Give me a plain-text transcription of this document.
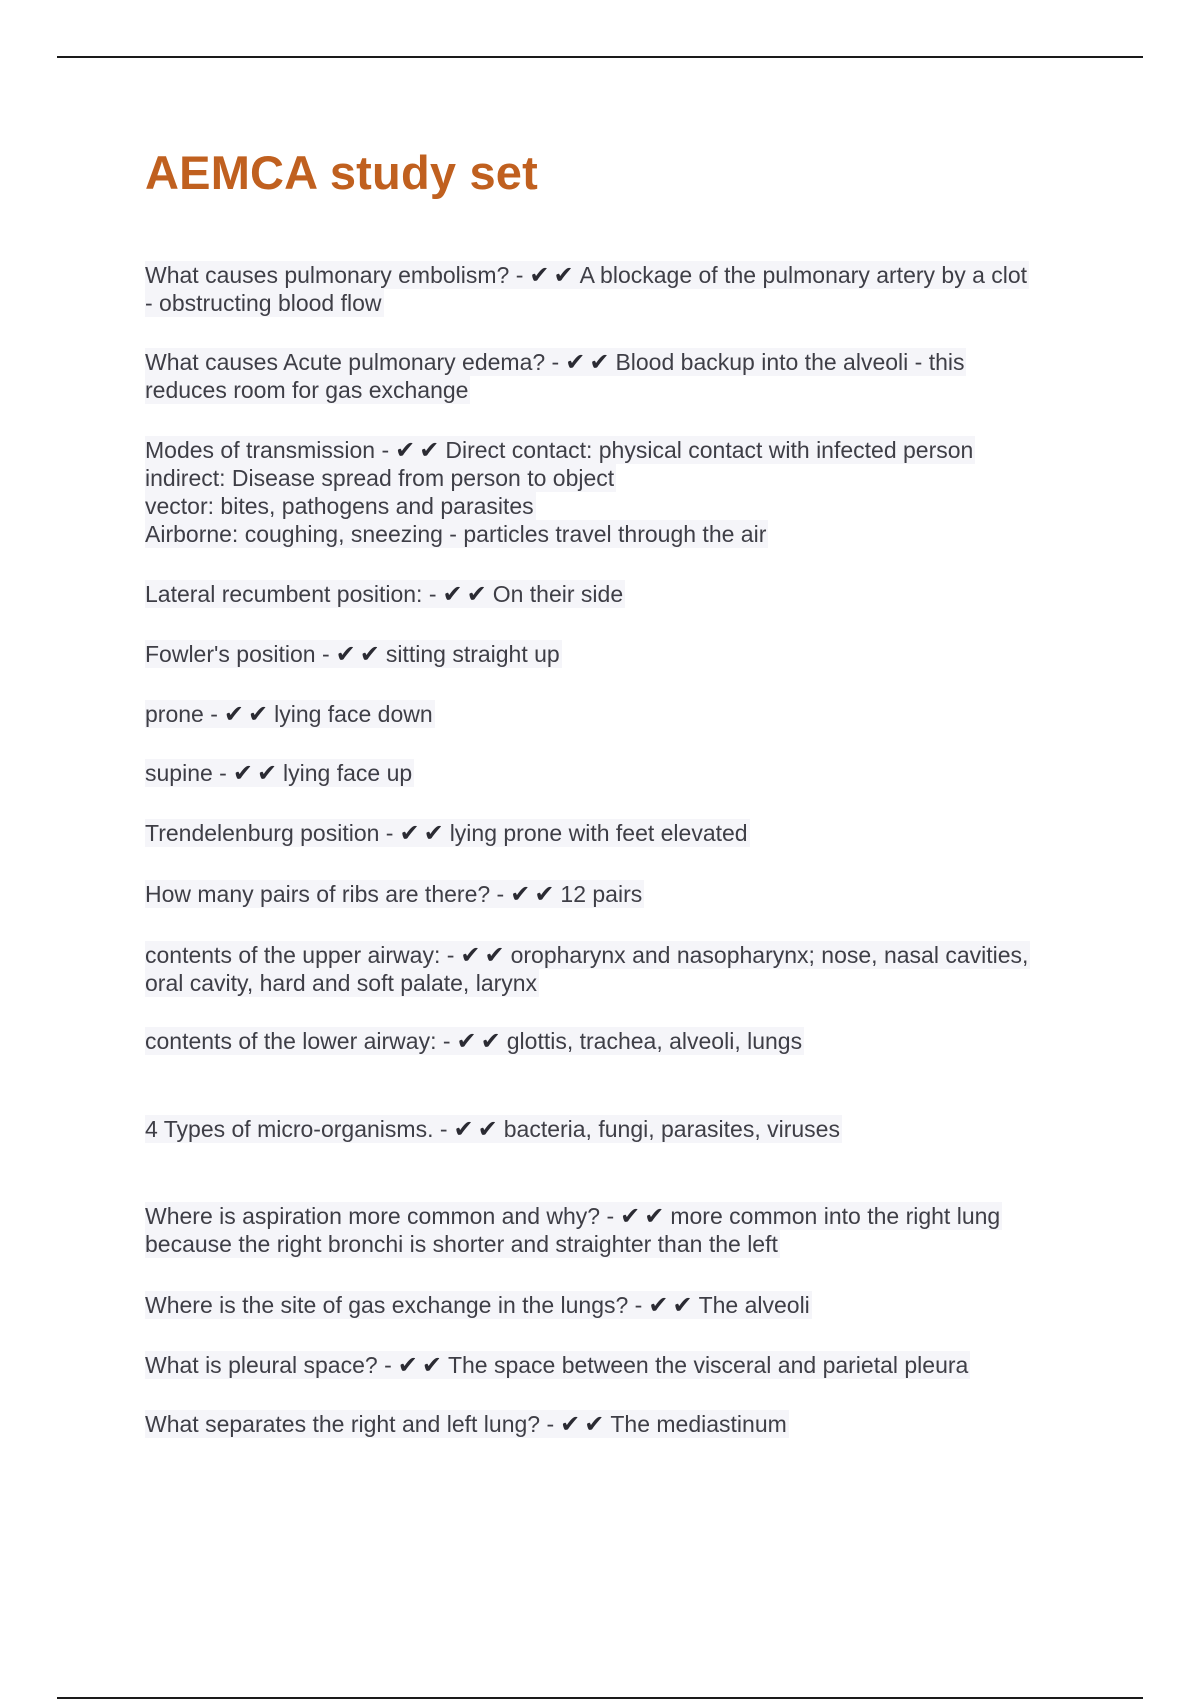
AEMCA study set
What causes pulmonary embolism? - ✔✔A blockage of the pulmonary artery by a clot
- obstructing blood flow
What causes Acute pulmonary edema? - ✔✔Blood backup into the alveoli - this
reduces room for gas exchange
Modes of transmission - ✔✔Direct contact: physical contact with infected person
indirect: Disease spread from person to object
vector: bites, pathogens and parasites
Airborne: coughing, sneezing - particles travel through the air
Lateral recumbent position: - ✔✔On their side
Fowler's position - ✔✔sitting straight up
prone - ✔✔lying face down
supine - ✔✔lying face up
Trendelenburg position - ✔✔lying prone with feet elevated
How many pairs of ribs are there? - ✔✔12 pairs
contents of the upper airway: - ✔✔oropharynx and nasopharynx; nose, nasal cavities,
oral cavity, hard and soft palate, larynx
contents of the lower airway: - ✔✔glottis, trachea, alveoli, lungs
4 Types of micro-organisms. - ✔✔bacteria, fungi, parasites, viruses
Where is aspiration more common and why? - ✔✔more common into the right lung
because the right bronchi is shorter and straighter than the left
Where is the site of gas exchange in the lungs? - ✔✔The alveoli
What is pleural space? - ✔✔The space between the visceral and parietal pleura
What separates the right and left lung? - ✔✔The mediastinum
